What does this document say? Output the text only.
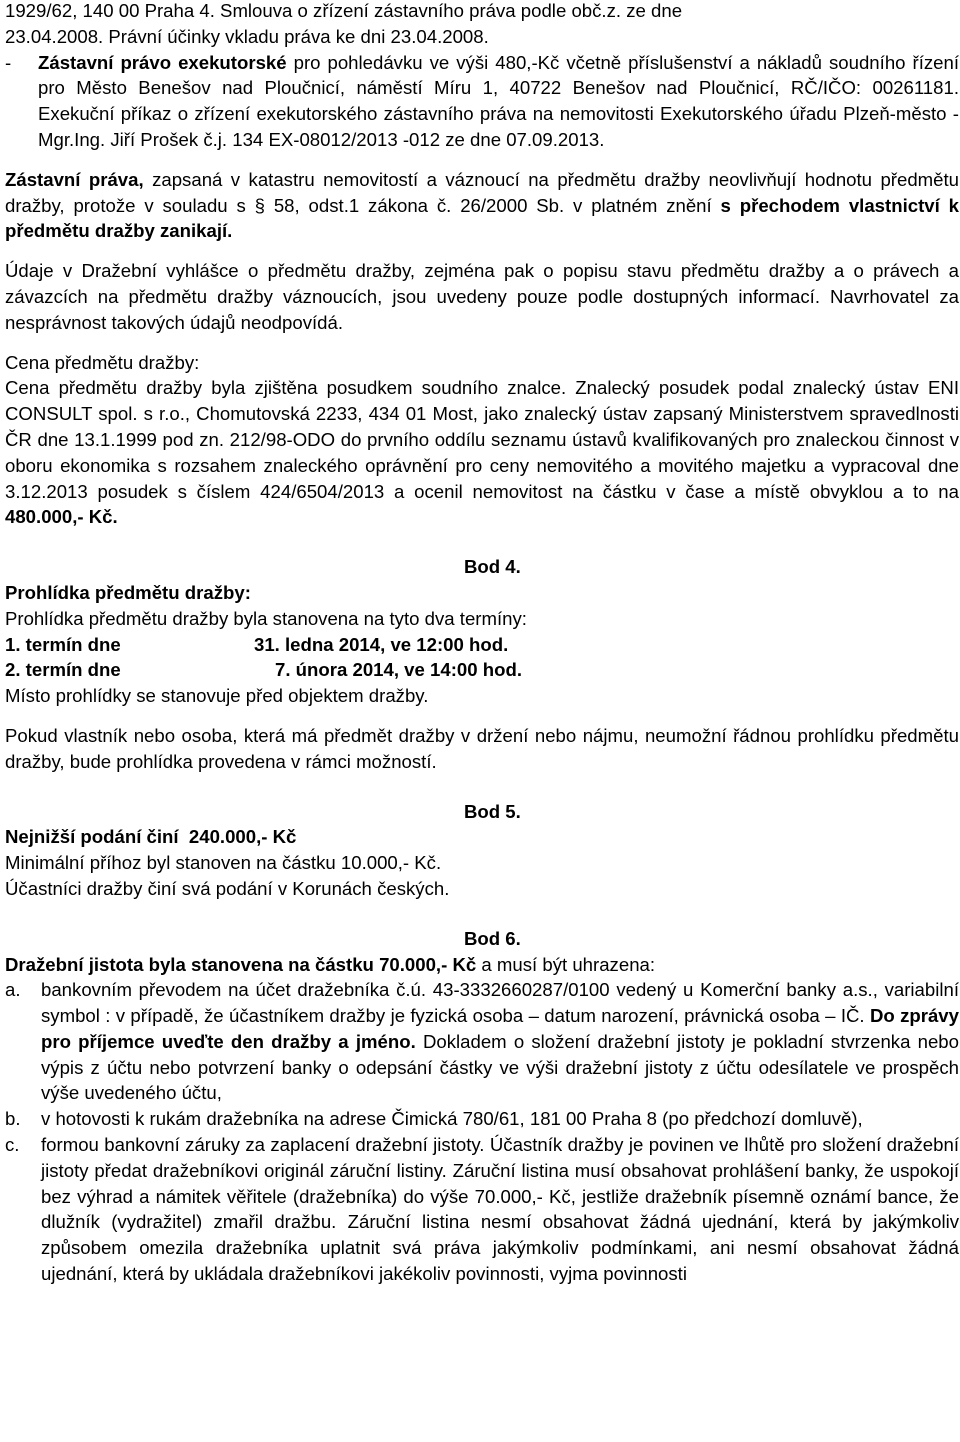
1929/62, 140 00 Praha 4. Smlouva o zřízení zástavního práva podle obč.z. ze dne

23.04.2008. Právní účinky vkladu práva ke dni 23.04.2008.

-	Zástavní právo exekutorské pro pohledávku ve výši 480,-Kč včetně příslušenství a nákladů soudního řízení pro Město Benešov nad Ploučnicí, náměstí Míru 1, 40722 Benešov nad Ploučnicí, RČ/IČO: 00261181. Exekuční příkaz o zřízení exekutorského zástavního práva na nemovitosti Exekutorského úřadu Plzeň-město - Mgr.Ing. Jiří Prošek č.j. 134 EX-08012/2013 -012 ze dne 07.09.2013.

Zástavní práva, zapsaná v katastru nemovitostí a váznoucí na předmětu dražby neovlivňují hodnotu předmětu dražby, protože v souladu s § 58, odst.1 zákona č. 26/2000 Sb. v platném znění s přechodem vlastnictví k předmětu dražby zanikají.

Údaje v Dražební vyhlášce o předmětu dražby, zejména pak o popisu stavu předmětu dražby a o právech a závazcích na předmětu dražby váznoucích, jsou uvedeny pouze podle dostupných informací. Navrhovatel za nesprávnost takových údajů neodpovídá.

Cena předmětu dražby:

Cena předmětu dražby byla zjištěna posudkem soudního znalce. Znalecký posudek podal znalecký ústav ENI CONSULT spol. s r.o., Chomutovská 2233, 434 01 Most, jako znalecký ústav zapsaný Ministerstvem spravedlnosti ČR dne 13.1.1999 pod zn. 212/98-ODO do prvního oddílu seznamu ústavů kvalifikovaných pro znaleckou činnost v oboru ekonomika s rozsahem znaleckého oprávnění pro ceny nemovitého a movitého majetku a vypracoval dne 3.12.2013 posudek s číslem 424/6504/2013 a ocenil nemovitost na částku v čase a místě obvyklou a to na 480.000,- Kč.

Bod 4.

Prohlídka předmětu dražby:

Prohlídka předmětu dražby byla stanovena na tyto dva termíny:

1. termín dne	31. ledna 2014, ve 12:00 hod.
2. termín dne	7. února 2014, ve 14:00 hod.

Místo prohlídky se stanovuje před objektem dražby.

Pokud vlastník nebo osoba, která má předmět dražby v držení nebo nájmu, neumožní řádnou prohlídku předmětu dražby, bude prohlídka provedena v rámci možností.

Bod 5.

Nejnižší podání činí  240.000,- Kč

Minimální příhoz byl stanoven na částku 10.000,- Kč.

Účastníci dražby činí svá podání v Korunách českých.

Bod 6.

Dražební jistota byla stanovena na částku 70.000,- Kč a musí být uhrazena:

a.	bankovním převodem na účet dražebníka č.ú. 43-3332660287/0100 vedený u Komerční banky a.s., variabilní symbol : v případě, že účastníkem dražby je fyzická osoba – datum narození, právnická osoba – IČ. Do zprávy pro příjemce uveďte den dražby a jméno. Dokladem o složení dražební jistoty je pokladní stvrzenka nebo výpis z účtu nebo potvrzení banky o odepsání částky ve výši dražební jistoty z účtu odesílatele ve prospěch výše uvedeného účtu,

b.	v hotovosti k rukám dražebníka na adrese Čimická 780/61, 181 00 Praha 8 (po předchozí domluvě),

c.	formou bankovní záruky za zaplacení dražební jistoty. Účastník dražby je povinen ve lhůtě pro složení dražební jistoty předat dražebníkovi originál záruční listiny. Záruční listina musí obsahovat prohlášení banky, že uspokojí bez výhrad a námitek věřitele (dražebníka) do výše 70.000,- Kč, jestliže dražebník písemně oznámí bance, že dlužník (vydražitel) zmařil dražbu. Záruční listina nesmí obsahovat žádná ujednání, která by jakýmkoliv způsobem omezila dražebníka uplatnit svá práva jakýmkoliv podmínkami, ani nesmí obsahovat žádná ujednání, která by ukládala dražebníkovi jakékoliv povinnosti, vyjma povinnosti
